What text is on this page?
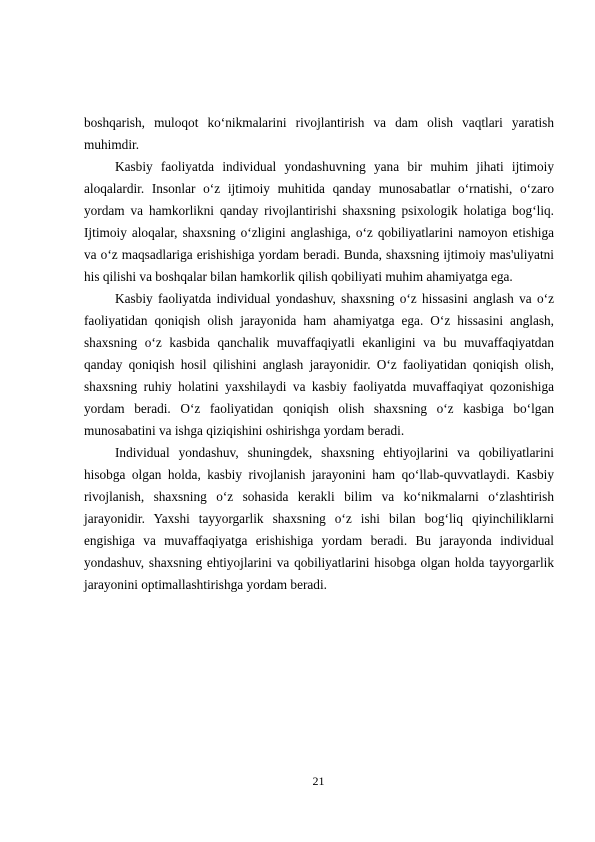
boshqarish, muloqot ko‘nikmalarini rivojlantirish va dam olish vaqtlari yaratish muhimdir.

Kasbiy faoliyatda individual yondashuvning yana bir muhim jihati ijtimoiy aloqalardir. Insonlar o‘z ijtimoiy muhitida qanday munosabatlar o‘rnatishi, o‘zaro yordam va hamkorlikni qanday rivojlantirishi shaxsning psixologik holatiga bog‘liq. Ijtimoiy aloqalar, shaxsning o‘zligini anglashiga, o‘z qobiliyatlarini namoyon etishiga va o‘z maqsadlariga erishishiga yordam beradi. Bunda, shaxsning ijtimoiy mas'uliyatni his qilishi va boshqalar bilan hamkorlik qilish qobiliyati muhim ahamiyatga ega.

Kasbiy faoliyatda individual yondashuv, shaxsning o‘z hissasini anglash va o‘z faoliyatidan qoniqish olish jarayonida ham ahamiyatga ega. O‘z hissasini anglash, shaxsning o‘z kasbida qanchalik muvaffaqiyatli ekanligini va bu muvaffaqiyatdan qanday qoniqish hosil qilishini anglash jarayonidir. O‘z faoliyatidan qoniqish olish, shaxsning ruhiy holatini yaxshilaydi va kasbiy faoliyatda muvaffaqiyat qozonishiga yordam beradi. O‘z faoliyatidan qoniqish olish shaxsning o‘z kasbiga bo‘lgan munosabatini va ishga qiziqishini oshirishga yordam beradi.

Individual yondashuv, shuningdek, shaxsning ehtiyojlarini va qobiliyatlarini hisobga olgan holda, kasbiy rivojlanish jarayonini ham qo‘llab-quvvatlaydi. Kasbiy rivojlanish, shaxsning o‘z sohasida kerakli bilim va ko‘nikmalarni o‘zlashtirish jarayonidir. Yaxshi tayyorgarlik shaxsning o‘z ishi bilan bog‘liq qiyinchiliklarni engishiga va muvaffaqiyatga erishishiga yordam beradi. Bu jarayonda individual yondashuv, shaxsning ehtiyojlarini va qobiliyatlarini hisobga olgan holda tayyorgarlik jarayonini optimallashtirishga yordam beradi.

21
